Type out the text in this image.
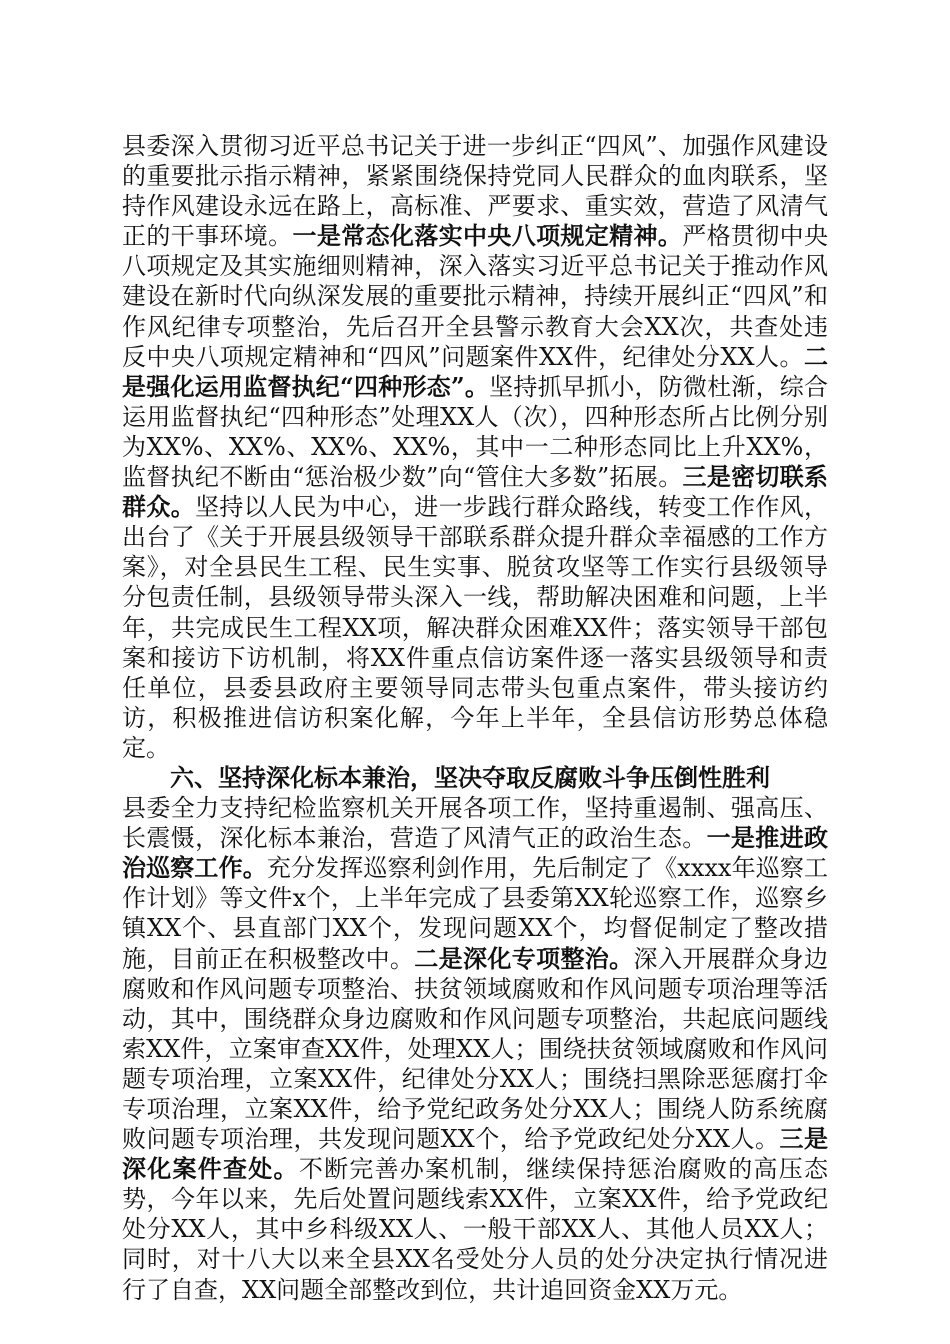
县委深入贯彻习近平总书记关于进一步纠正“四风”、加强作风建设的重要批示指示精神，紧紧围绕保持党同人民群众的血肉联系，坚持作风建设永远在路上，高标准、严要求、重实效，营造了风清气正的干事环境。一是常态化落实中央八项规定精神。严格贯彻中央八项规定及其实施细则精神，深入落实习近平总书记关于推动作风建设在新时代向纵深发展的重要批示精神，持续开展纠正“四风”和作风纪律专项整治，先后召开全县警示教育大会XX次，共查处违反中央八项规定精神和“四风”问题案件XX件，纪律处分XX人。二是强化运用监督执纪“四种形态”。坚持抓早抓小，防微杜渐，综合运用监督执纪“四种形态”处理XX人（次），四种形态所占比例分别为XX%、XX%、XX%、XX%，其中一二种形态同比上升XX%，监督执纪不断由“惩治极少数”向“管住大多数”拓展。三是密切联系群众。坚持以人民为中心，进一步践行群众路线，转变工作作风，出台了《关于开展县级领导干部联系群众提升群众幸福感的工作方案》，对全县民生工程、民生实事、脱贫攻坚等工作实行县级领导分包责任制，县级领导带头深入一线，帮助解决困难和问题，上半年，共完成民生工程XX项，解决群众困难XX件；落实领导干部包案和接访下访机制，将XX件重点信访案件逐一落实县级领导和责任单位，县委县政府主要领导同志带头包重点案件，带头接访约访，积极推进信访积案化解，今年上半年，全县信访形势总体稳定。

六、坚持深化标本兼治，坚决夺取反腐败斗争压倒性胜利

县委全力支持纪检监察机关开展各项工作，坚持重遏制、强高压、长震慑，深化标本兼治，营造了风清气正的政治生态。一是推进政治巡察工作。充分发挥巡察利剑作用，先后制定了《xxxx年巡察工作计划》等文件x个，上半年完成了县委第XX轮巡察工作，巡察乡镇XX个、县直部门XX个，发现问题XX个，均督促制定了整改措施，目前正在积极整改中。二是深化专项整治。深入开展群众身边腐败和作风问题专项整治、扶贫领域腐败和作风问题专项治理等活动，其中，围绕群众身边腐败和作风问题专项整治，共起底问题线索XX件，立案审查XX件，处理XX人；围绕扶贫领域腐败和作风问题专项治理，立案XX件，纪律处分XX人；围绕扫黑除恶惩腐打伞专项治理，立案XX件，给予党纪政务处分XX人；围绕人防系统腐败问题专项治理，共发现问题XX个，给予党政纪处分XX人。三是深化案件查处。不断完善办案机制，继续保持惩治腐败的高压态势，今年以来，先后处置问题线索XX件，立案XX件，给予党政纪处分XX人，其中乡科级XX人、一般干部XX人、其他人员XX人；同时，对十八大以来全县XX名受处分人员的处分决定执行情况进行了自查，XX问题全部整改到位，共计追回资金XX万元。
